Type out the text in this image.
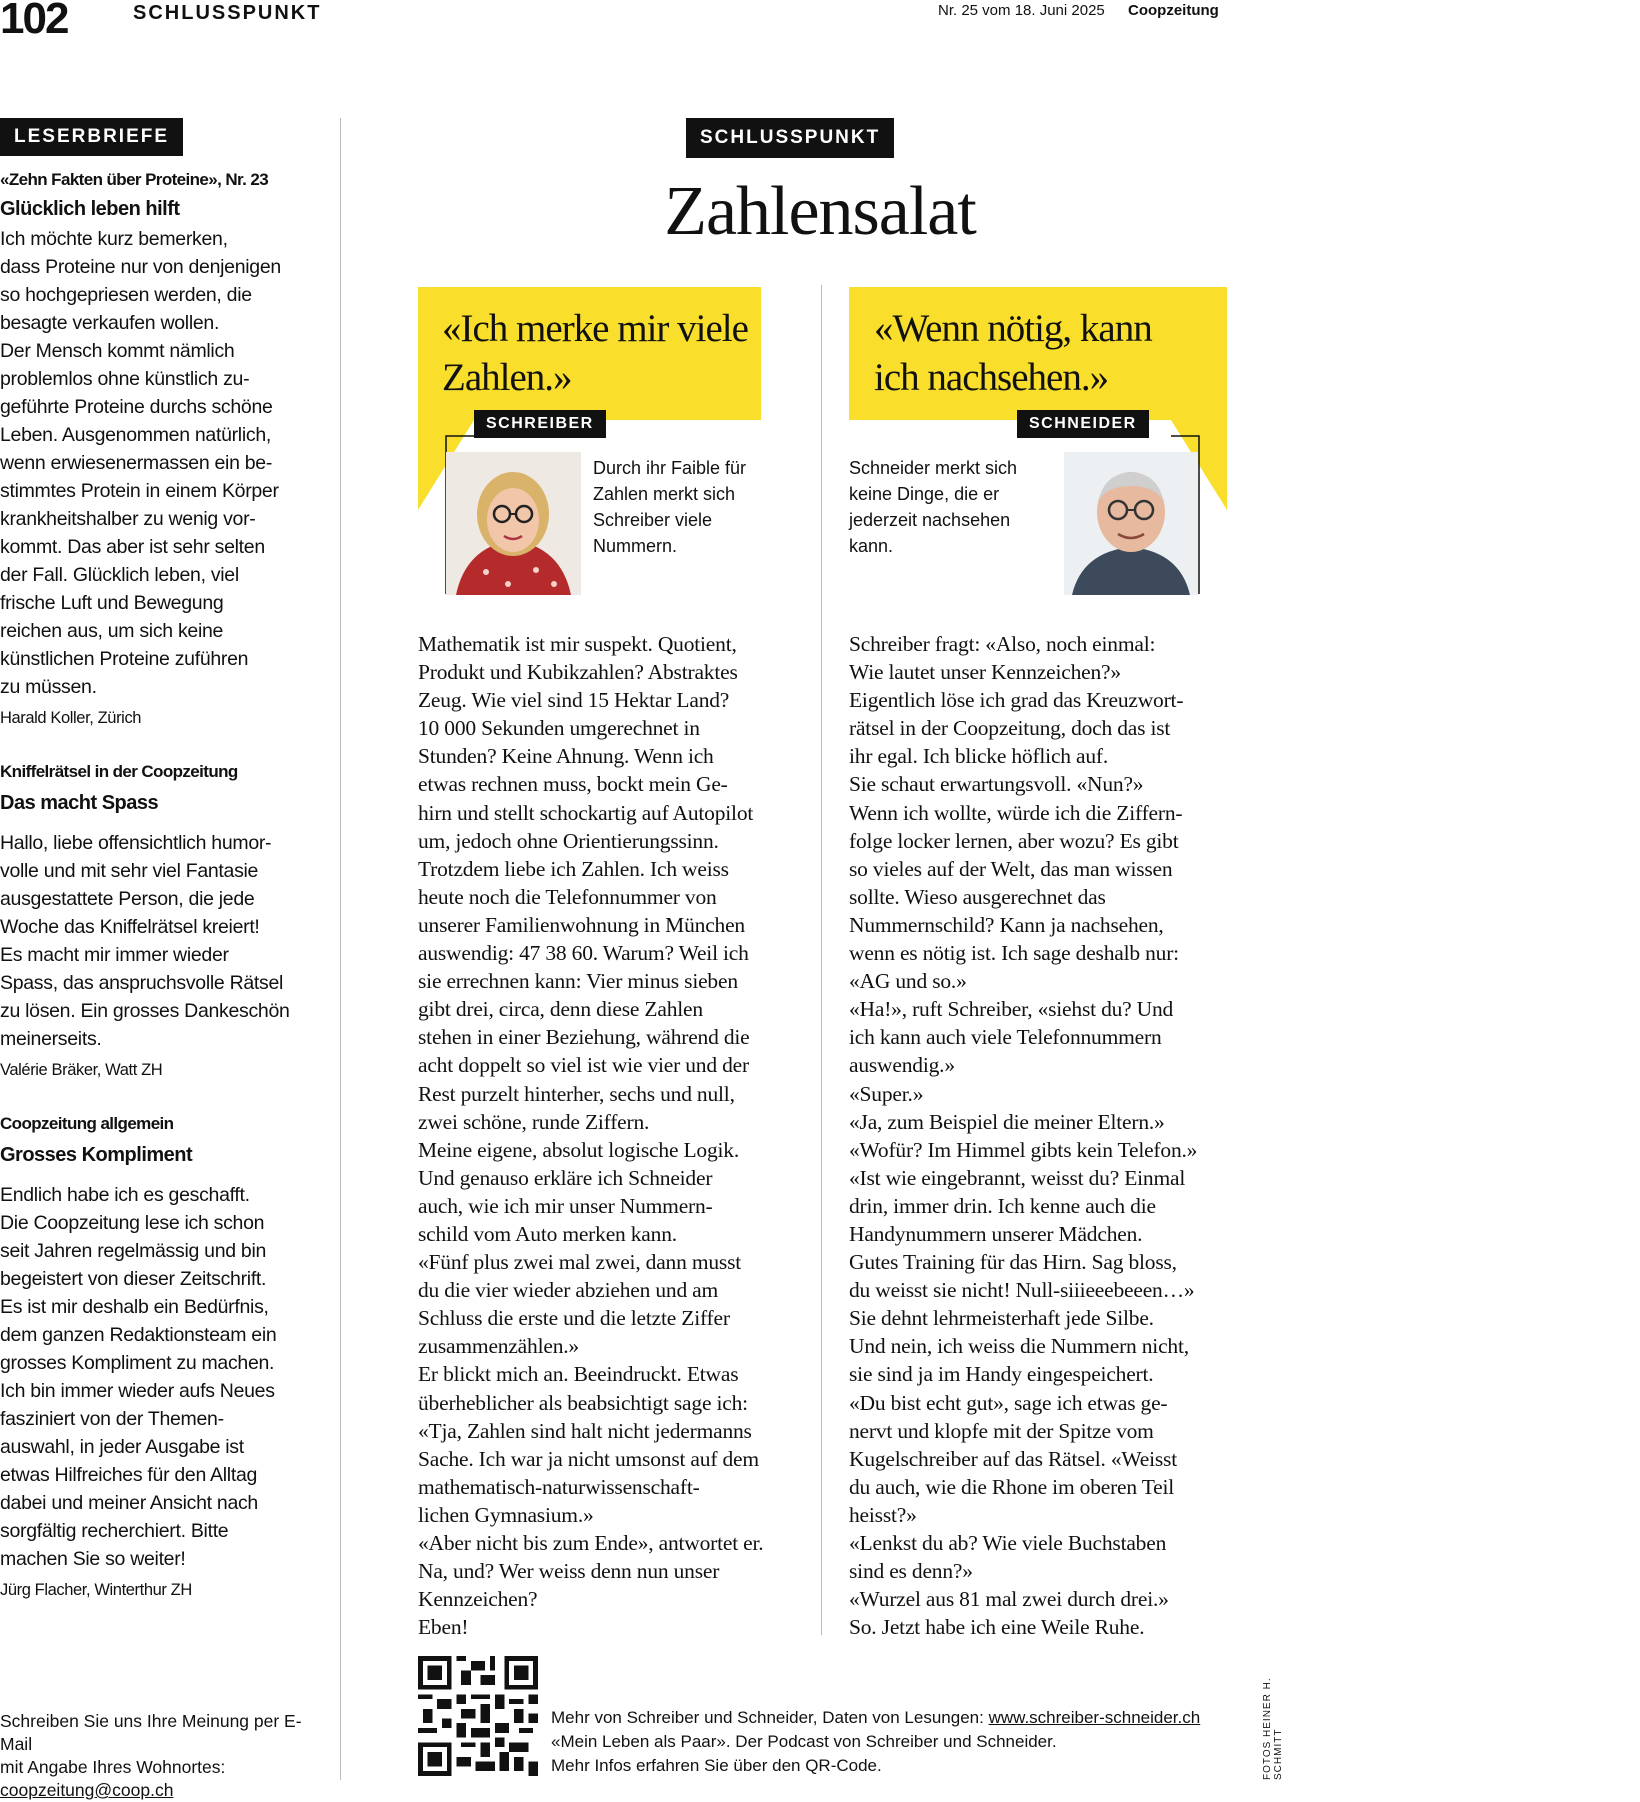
102	SCHLUSSPUNKT	Nr. 25 vom 18. Juni 2025 Coopzeitung
LESERBRIEFE
«Zehn Fakten über Proteine», Nr. 23
Glücklich leben hilft
Ich möchte kurz bemerken,
dass Proteine nur von denjenigen
so hochgepriesen werden, die
besagte verkaufen wollen.
Der Mensch kommt nämlich
problemlos ohne künstlich zu-
geführte Proteine durchs schöne
Leben. Ausgenommen natürlich,
wenn erwiesenermassen ein be-
stimmtes Protein in einem Körper
krankheitshalber zu wenig vor-
kommt. Das aber ist sehr selten
der Fall. Glücklich leben, viel
frische Luft und Bewegung
reichen aus, um sich keine
künstlichen Proteine zuführen
zu müssen.
Harald Koller, Zürich
Kniffelrätsel in der Coopzeitung
Das macht Spass
Hallo, liebe offensichtlich humor-
volle und mit sehr viel Fantasie
ausgestattete Person, die jede
Woche das Kniffelrätsel kreiert!
Es macht mir immer wieder
Spass, das anspruchsvolle Rätsel
zu lösen. Ein grosses Dankeschön
meinerseits.
Valérie Bräker, Watt ZH
Coopzeitung allgemein
Grosses Kompliment
Endlich habe ich es geschafft.
Die Coopzeitung lese ich schon
seit Jahren regelmässig und bin
begeistert von dieser Zeitschrift.
Es ist mir deshalb ein Bedürfnis,
dem ganzen Redaktionsteam ein
grosses Kompliment zu machen.
Ich bin immer wieder aufs Neues
fasziniert von der Themen-
auswahl, in jeder Ausgabe ist
etwas Hilfreiches für den Alltag
dabei und meiner Ansicht nach
sorgfältig recherchiert. Bitte
machen Sie so weiter!
Jürg Flacher, Winterthur ZH
Schreiben Sie uns Ihre Meinung per E-Mail
mit Angabe Ihres Wohnortes:
coopzeitung@coop.ch
SCHLUSSPUNKT
Zahlensalat
«Ich merke mir viele
Zahlen.»
SCHREIBER
Durch ihr Faible für
Zahlen merkt sich
Schreiber viele
Nummern.
«Wenn nötig, kann
ich nachsehen.»
SCHNEIDER
Schneider merkt sich
keine Dinge, die er
jederzeit nachsehen
kann.
Mathematik ist mir suspekt. Quotient,
Produkt und Kubikzahlen? Abstraktes
Zeug. Wie viel sind 15 Hektar Land?
10 000 Sekunden umgerechnet in
Stunden? Keine Ahnung. Wenn ich
etwas rechnen muss, bockt mein Ge-
hirn und stellt schockartig auf Autopilot
um, jedoch ohne Orientierungssinn.
Trotzdem liebe ich Zahlen. Ich weiss
heute noch die Telefonnummer von
unserer Familienwohnung in München
auswendig: 47 38 60. Warum? Weil ich
sie errechnen kann: Vier minus sieben
gibt drei, circa, denn diese Zahlen
stehen in einer Beziehung, während die
acht doppelt so viel ist wie vier und der
Rest purzelt hinterher, sechs und null,
zwei schöne, runde Ziffern.
Meine eigene, absolut logische Logik.
Und genauso erkläre ich Schneider
auch, wie ich mir unser Nummern-
schild vom Auto merken kann.
«Fünf plus zwei mal zwei, dann musst
du die vier wieder abziehen und am
Schluss die erste und die letzte Ziffer
zusammenzählen.»
Er blickt mich an. Beeindruckt. Etwas
überheblicher als beabsichtigt sage ich:
«Tja, Zahlen sind halt nicht jedermanns
Sache. Ich war ja nicht umsonst auf dem
mathematisch-naturwissenschaft-
lichen Gymnasium.»
«Aber nicht bis zum Ende», antwortet er.
Na, und? Wer weiss denn nun unser
Kennzeichen?
Eben!
Schreiber fragt: «Also, noch einmal:
Wie lautet unser Kennzeichen?»
Eigentlich löse ich grad das Kreuzwort-
rätsel in der Coopzeitung, doch das ist
ihr egal. Ich blicke höflich auf.
Sie schaut erwartungsvoll. «Nun?»
Wenn ich wollte, würde ich die Ziffern-
folge locker lernen, aber wozu? Es gibt
so vieles auf der Welt, das man wissen
sollte. Wieso ausgerechnet das
Nummernschild? Kann ja nachsehen,
wenn es nötig ist. Ich sage deshalb nur:
«AG und so.»
«Ha!», ruft Schreiber, «siehst du? Und
ich kann auch viele Telefonnummern
auswendig.»
«Super.»
«Ja, zum Beispiel die meiner Eltern.»
«Wofür? Im Himmel gibts kein Telefon.»
«Ist wie eingebrannt, weisst du? Einmal
drin, immer drin. Ich kenne auch die
Handynummern unserer Mädchen.
Gutes Training für das Hirn. Sag bloss,
du weisst sie nicht! Null-siiieeebeeen…»
Sie dehnt lehrmeisterhaft jede Silbe.
Und nein, ich weiss die Nummern nicht,
sie sind ja im Handy eingespeichert.
«Du bist echt gut», sage ich etwas ge-
nervt und klopfe mit der Spitze vom
Kugelschreiber auf das Rätsel. «Weisst
du auch, wie die Rhone im oberen Teil
heisst?»
«Lenkst du ab? Wie viele Buchstaben
sind es denn?»
«Wurzel aus 81 mal zwei durch drei.»
So. Jetzt habe ich eine Weile Ruhe.
Mehr von Schreiber und Schneider, Daten von Lesungen: www.schreiber-schneider.ch
«Mein Leben als Paar». Der Podcast von Schreiber und Schneider.
Mehr Infos erfahren Sie über den QR-Code.	FOTOS HEINER H. SCHMITT
